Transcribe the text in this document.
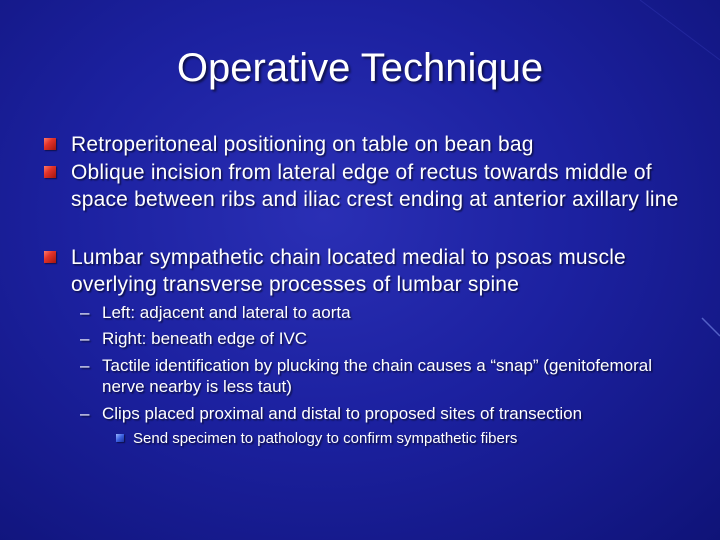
Operative Technique
Retroperitoneal positioning on table on bean bag
Oblique incision from lateral edge of rectus towards middle of space between ribs and iliac crest ending at anterior axillary line
Lumbar sympathetic chain located medial to psoas muscle overlying transverse processes of lumbar spine
– Left: adjacent and lateral to aorta
– Right: beneath edge of IVC
– Tactile identification by plucking the chain causes a “snap” (genitofemoral nerve nearby is less taut)
– Clips placed proximal and distal to proposed sites of transection
Send specimen to pathology to confirm sympathetic fibers
